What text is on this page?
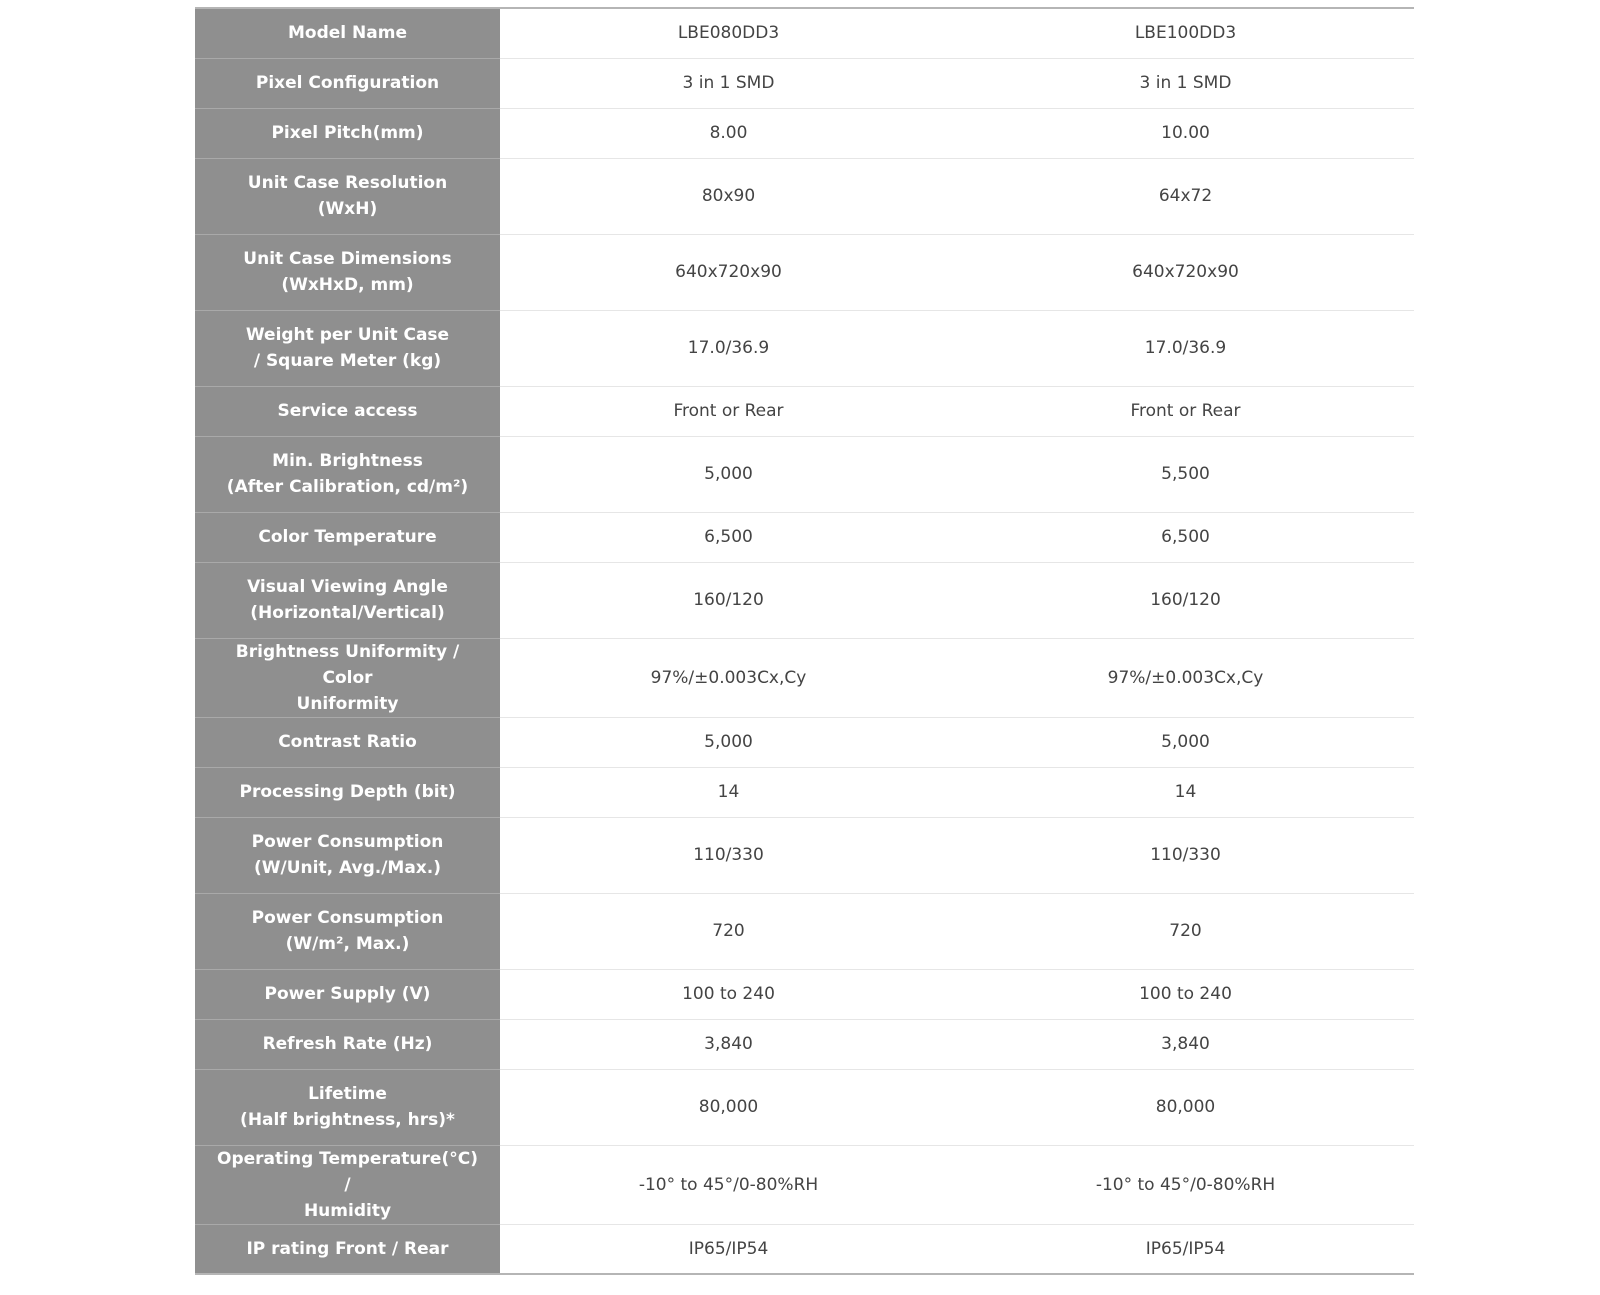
Model Name	LBE080DD3	LBE100DD3
Pixel Configuration	3 in 1 SMD	3 in 1 SMD
Pixel Pitch(mm)	8.00	10.00
Unit Case Resolution
(WxH)	80x90	64x72
Unit Case Dimensions
(WxHxD, mm)	640x720x90	640x720x90
Weight per Unit Case
/ Square Meter (kg)	17.0/36.9	17.0/36.9
Service access	Front or Rear	Front or Rear
Min. Brightness
(After Calibration, cd/m²)	5,000	5,500
Color Temperature	6,500	6,500
Visual Viewing Angle
(Horizontal/Vertical)	160/120	160/120
Brightness Uniformity / Color
Uniformity	97%/±0.003Cx,Cy	97%/±0.003Cx,Cy
Contrast Ratio	5,000	5,000
Processing Depth (bit)	14	14
Power Consumption
(W/Unit, Avg./Max.)	110/330	110/330
Power Consumption
(W/m², Max.)	720	720
Power Supply (V)	100 to 240	100 to 240
Refresh Rate (Hz)	3,840	3,840
Lifetime
(Half brightness, hrs)*	80,000	80,000
Operating Temperature(°C) /
Humidity	-10° to 45°/0-80%RH	-10° to 45°/0-80%RH
IP rating Front / Rear	IP65/IP54	IP65/IP54
